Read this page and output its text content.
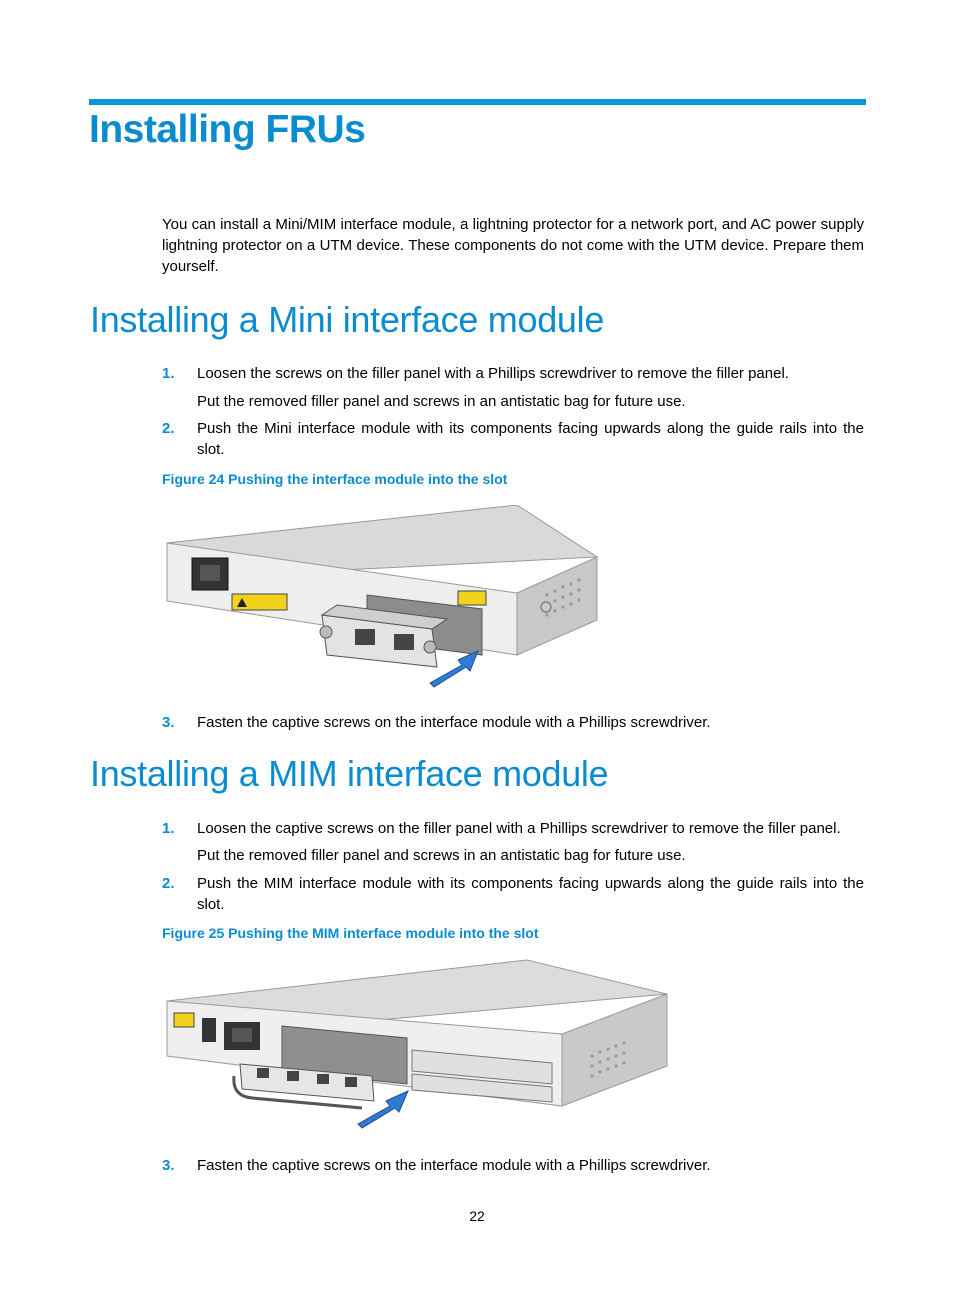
Installing FRUs

You can install a Mini/MIM interface module, a lightning protector for a network port, and AC power supply lightning protector on a UTM device. These components do not come with the UTM device. Prepare them yourself.

Installing a Mini interface module
1. Loosen the screws on the filler panel with a Phillips screwdriver to remove the filler panel.
Put the removed filler panel and screws in an antistatic bag for future use.
2. Push the Mini interface module with its components facing upwards along the guide rails into the slot.
Figure 24 Pushing the interface module into the slot
3. Fasten the captive screws on the interface module with a Phillips screwdriver.
Installing a MIM interface module
1. Loosen the captive screws on the filler panel with a Phillips screwdriver to remove the filler panel.
Put the removed filler panel and screws in an antistatic bag for future use.
2. Push the MIM interface module with its components facing upwards along the guide rails into the slot.
Figure 25 Pushing the MIM interface module into the slot
3. Fasten the captive screws on the interface module with a Phillips screwdriver.
22
